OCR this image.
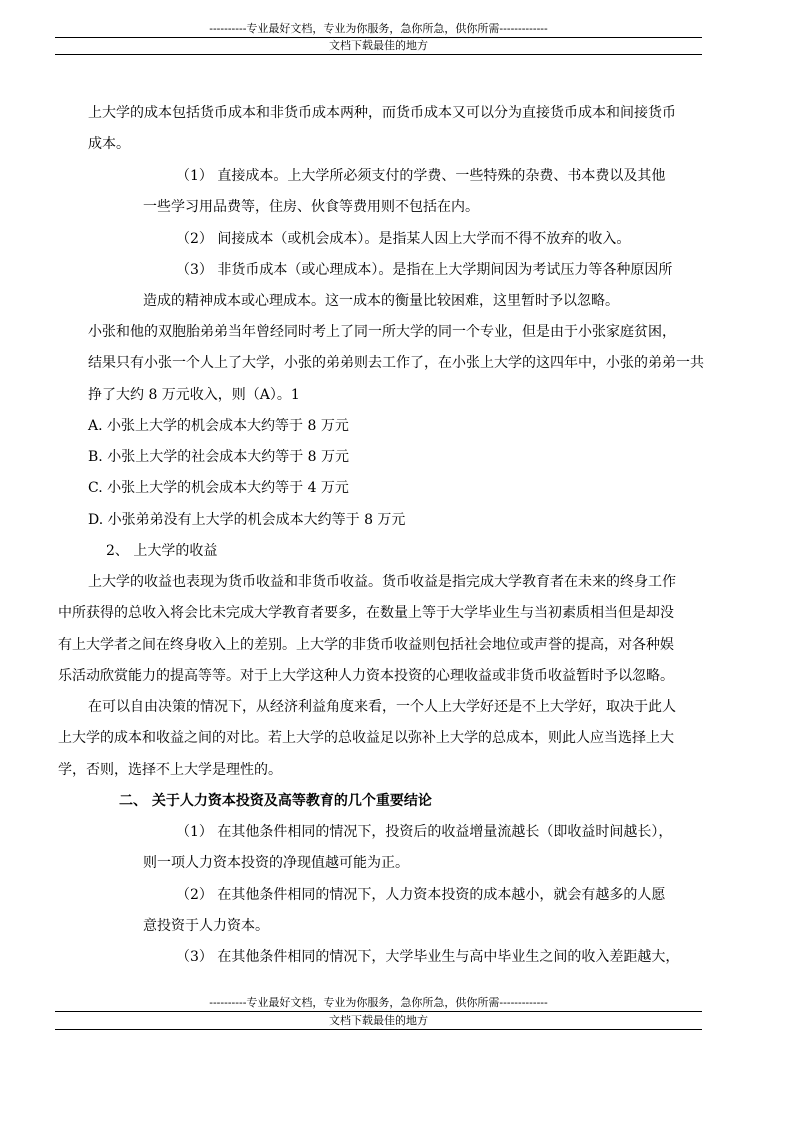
----------专业最好文档，专业为你服务，急你所急，供你所需-------------
文档下载最佳的地方
上大学的成本包括货币成本和非货币成本两种，而货币成本又可以分为直接货币成本和间接货币
成本。
（1） 直接成本。上大学所必须支付的学费、一些特殊的杂费、书本费以及其他
一些学习用品费等，住房、伙食等费用则不包括在内。
（2） 间接成本（或机会成本）。是指某人因上大学而不得不放弃的收入。
（3） 非货币成本（或心理成本）。是指在上大学期间因为考试压力等各种原因所
造成的精神成本或心理成本。这一成本的衡量比较困难，这里暂时予以忽略。
小张和他的双胞胎弟弟当年曾经同时考上了同一所大学的同一个专业，但是由于小张家庭贫困，
结果只有小张一个人上了大学，小张的弟弟则去工作了，在小张上大学的这四年中，小张的弟弟一共
挣了大约 8 万元收入，则（A）。1
A. 小张上大学的机会成本大约等于 8 万元
B. 小张上大学的社会成本大约等于 8 万元
C. 小张上大学的机会成本大约等于 4 万元
D. 小张弟弟没有上大学的机会成本大约等于 8 万元
2、 上大学的收益
上大学的收益也表现为货币收益和非货币收益。货币收益是指完成大学教育者在未来的终身工作
中所获得的总收入将会比未完成大学教育者要多，在数量上等于大学毕业生与当初素质相当但是却没
有上大学者之间在终身收入上的差别。上大学的非货币收益则包括社会地位或声誉的提高，对各种娱
乐活动欣赏能力的提高等等。对于上大学这种人力资本投资的心理收益或非货币收益暂时予以忽略。
在可以自由决策的情况下，从经济利益角度来看，一个人上大学好还是不上大学好，取决于此人
上大学的成本和收益之间的对比。若上大学的总收益足以弥补上大学的总成本，则此人应当选择上大
学，否则，选择不上大学是理性的。
二、 关于人力资本投资及高等教育的几个重要结论
（1） 在其他条件相同的情况下，投资后的收益增量流越长（即收益时间越长），
则一项人力资本投资的净现值越可能为正。
（2） 在其他条件相同的情况下，人力资本投资的成本越小，就会有越多的人愿
意投资于人力资本。
（3） 在其他条件相同的情况下，大学毕业生与高中毕业生之间的收入差距越大，
----------专业最好文档，专业为你服务，急你所急，供你所需-------------
文档下载最佳的地方
